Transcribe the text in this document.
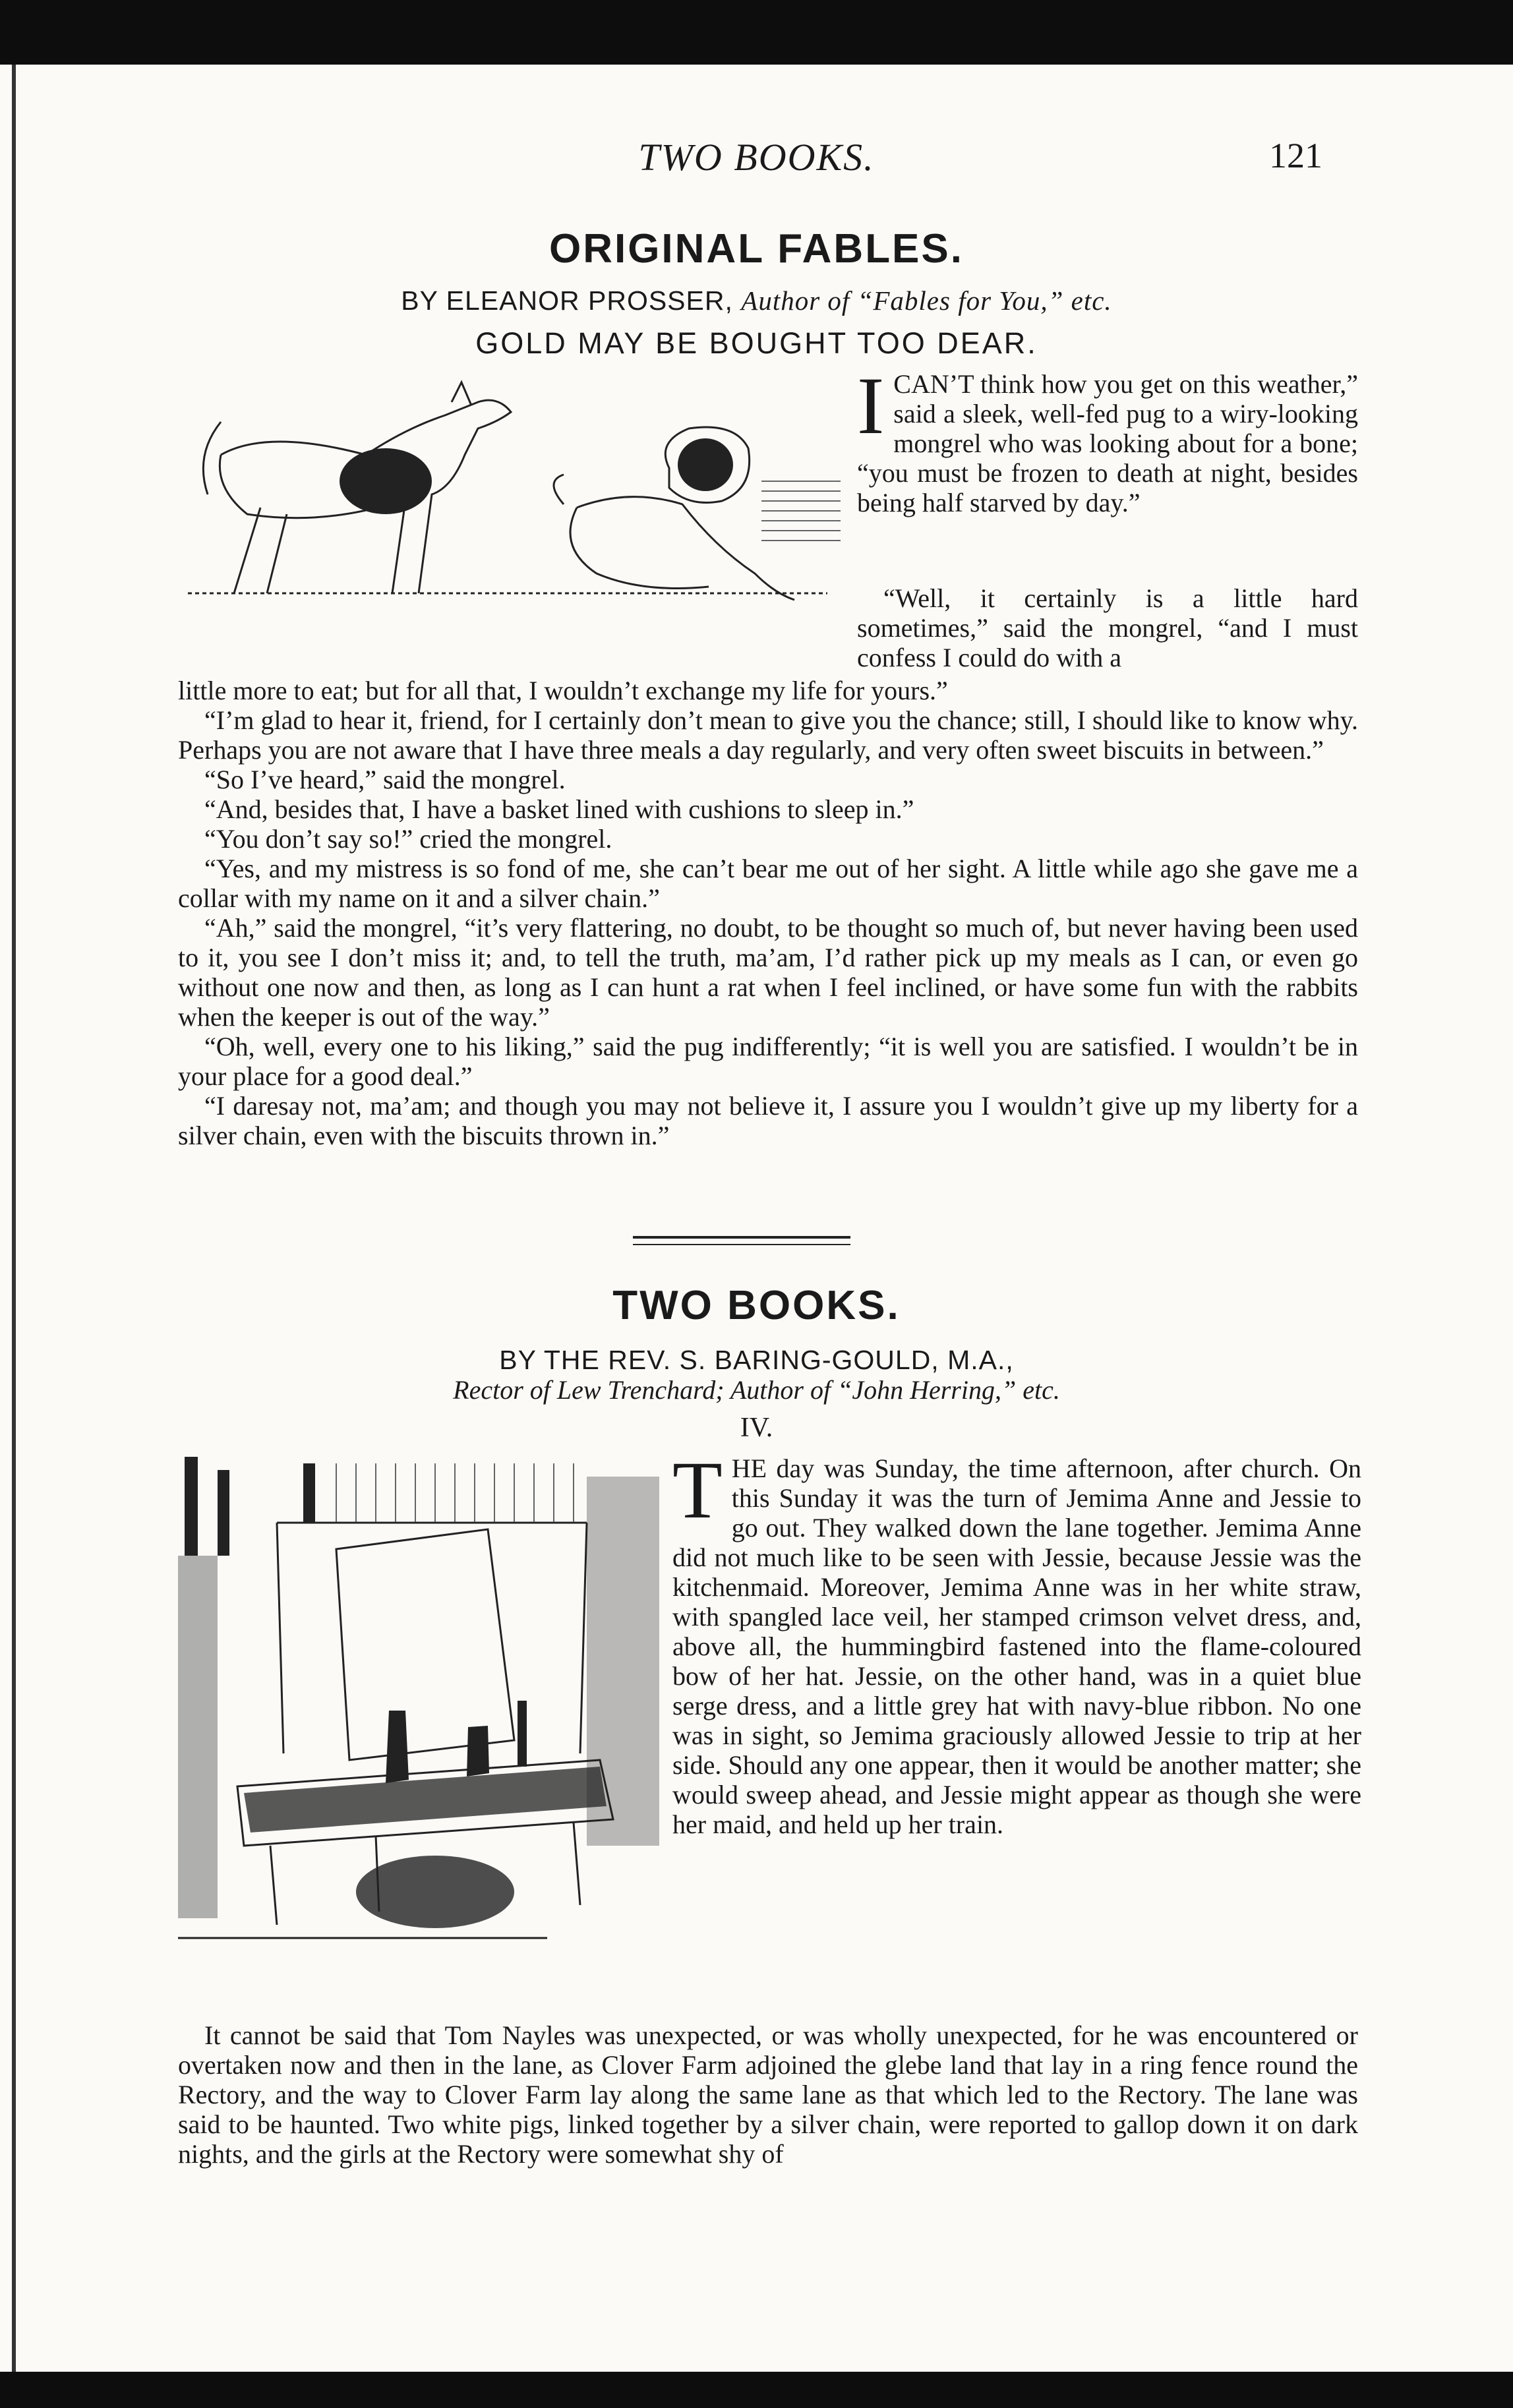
TWO BOOKS.	121
ORIGINAL FABLES.
BY ELEANOR PROSSER, Author of “Fables for You,” etc.
GOLD MAY BE BOUGHT TOO DEAR.

ICAN’T think how you get on this weather,” said a sleek, well-fed pug to a wiry-looking mongrel who was looking about for a bone; “you must be frozen to death at night, besides being half starved by day.”

“Well, it certainly is a little hard sometimes,” said the mongrel, “and I must confess I could do with a

little more to eat; but for all that, I wouldn’t exchange my life for yours.”

“I’m glad to hear it, friend, for I certainly don’t mean to give you the chance; still, I should like to know why. Perhaps you are not aware that I have three meals a day regularly, and very often sweet biscuits in between.”

“So I’ve heard,” said the mongrel.

“And, besides that, I have a basket lined with cushions to sleep in.”

“You don’t say so!” cried the mongrel.

“Yes, and my mistress is so fond of me, she can’t bear me out of her sight. A little while ago she gave me a collar with my name on it and a silver chain.”

“Ah,” said the mongrel, “it’s very flattering, no doubt, to be thought so much of, but never having been used to it, you see I don’t miss it; and, to tell the truth, ma’am, I’d rather pick up my meals as I can, or even go without one now and then, as long as I can hunt a rat when I feel inclined, or have some fun with the rabbits when the keeper is out of the way.”

“Oh, well, every one to his liking,” said the pug indifferently; “it is well you are satisfied. I wouldn’t be in your place for a good deal.”

“I daresay not, ma’am; and though you may not believe it, I assure you I wouldn’t give up my liberty for a silver chain, even with the biscuits thrown in.”

TWO BOOKS.
BY THE REV. S. BARING-GOULD, M.A.,
Rector of Lew Trenchard; Author of “John Herring,” etc.
IV.

THE day was Sunday, the time afternoon, after church. On this Sunday it was the turn of Jemima Anne and Jessie to go out. They walked down the lane together. Jemima Anne did not much like to be seen with Jessie, because Jessie was the kitchenmaid. Moreover, Jemima Anne was in her white straw, with spangled lace veil, her stamped crimson velvet dress, and, above all, the hummingbird fastened into the flame-coloured bow of her hat. Jessie, on the other hand, was in a quiet blue serge dress, and a little grey hat with navy-blue ribbon. No one was in sight, so Jemima graciously allowed Jessie to trip at her side. Should any one appear, then it would be another matter; she would sweep ahead, and Jessie might appear as though she were her maid, and held up her train.

It cannot be said that Tom Nayles was unexpected, or was wholly unexpected, for he was encountered or overtaken now and then in the lane, as Clover Farm adjoined the glebe land that lay in a ring fence round the Rectory, and the way to Clover Farm lay along the same lane as that which led to the Rectory. The lane was said to be haunted. Two white pigs, linked together by a silver chain, were reported to gallop down it on dark nights, and the girls at the Rectory were somewhat shy of
